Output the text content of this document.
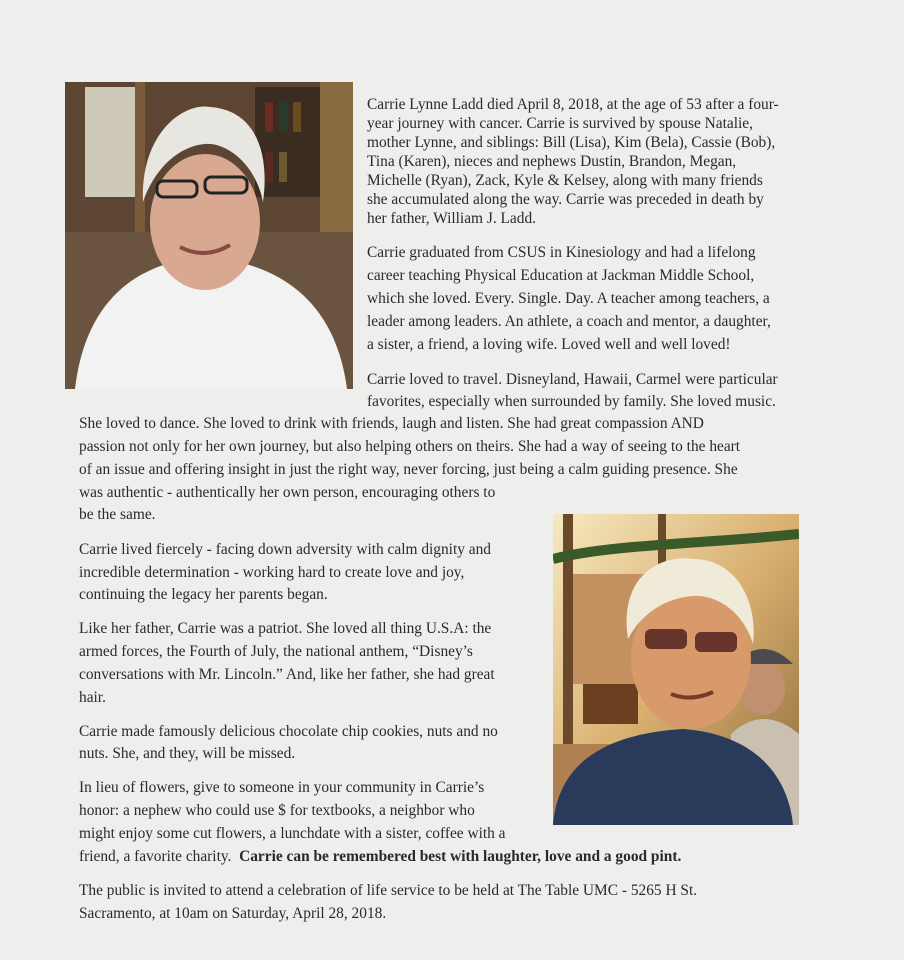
Carrie Lynne Ladd died April 8, 2018, at the age of 53 after a four-
year journey with cancer. Carrie is survived by spouse Natalie,
mother Lynne, and siblings: Bill (Lisa), Kim (Bela), Cassie (Bob),
Tina (Karen), nieces and nephews Dustin, Brandon, Megan,
Michelle (Ryan), Zack, Kyle & Kelsey, along with many friends
she accumulated along the way. Carrie was preceded in death by
her father, William J. Ladd.
Carrie graduated from CSUS in Kinesiology and had a lifelong
career teaching Physical Education at Jackman Middle School,
which she loved. Every. Single. Day. A teacher among teachers, a
leader among leaders. An athlete, a coach and mentor, a daughter,
a sister, a friend, a loving wife. Loved well and well loved!
Carrie loved to travel. Disneyland, Hawaii, Carmel were particular
favorites, especially when surrounded by family. She loved music.
She loved to dance. She loved to drink with friends, laugh and listen. She had great compassion AND
passion not only for her own journey, but also helping others on theirs. She had a way of seeing to the heart
of an issue and offering insight in just the right way, never forcing, just being a calm guiding presence. She
was authentic - authentically her own person, encouraging others to
be the same.
Carrie lived fiercely - facing down adversity with calm dignity and
incredible determination - working hard to create love and joy,
continuing the legacy her parents began.
Like her father, Carrie was a patriot. She loved all thing U.S.A: the
armed forces, the Fourth of July, the national anthem, “Disney’s
conversations with Mr. Lincoln.” And, like her father, she had great
hair.
Carrie made famously delicious chocolate chip cookies, nuts and no
nuts. She, and they, will be missed.
In lieu of flowers, give to someone in your community in Carrie’s
honor: a nephew who could use $ for textbooks, a neighbor who
might enjoy some cut flowers, a lunchdate with a sister, coffee with a
friend, a favorite charity. Carrie can be remembered best with laughter, love and a good pint.
The public is invited to attend a celebration of life service to be held at The Table UMC - 5265 H St.
Sacramento, at 10am on Saturday, April 28, 2018.
